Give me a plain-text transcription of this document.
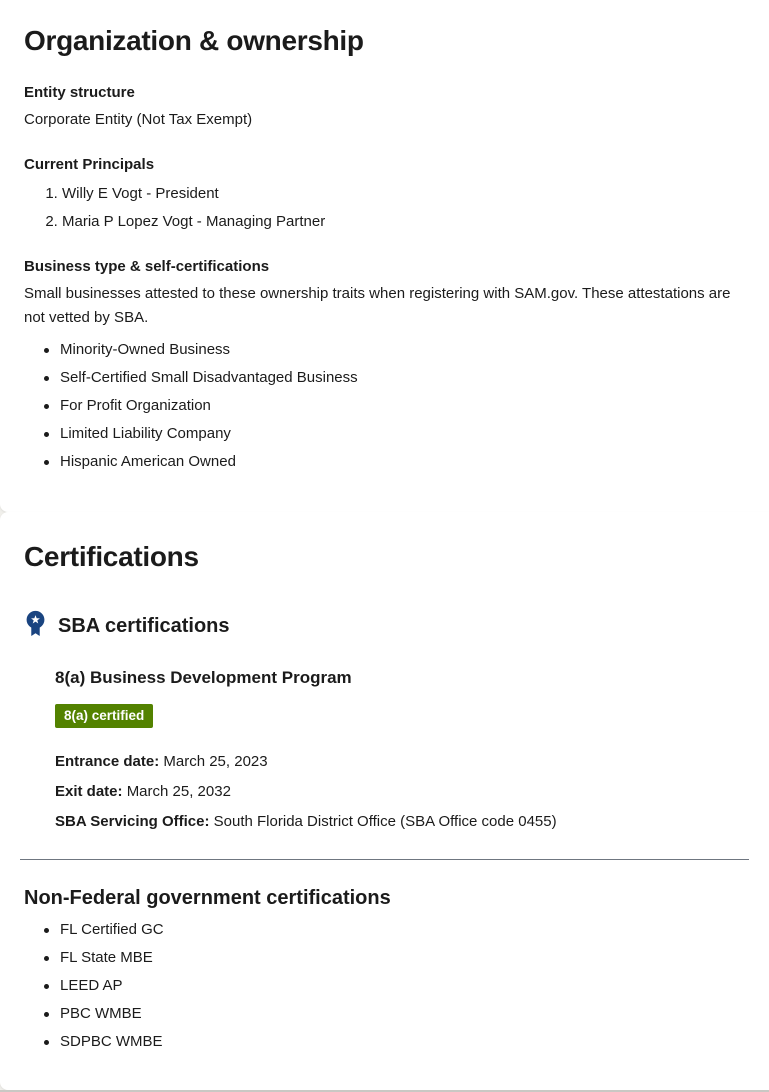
Organization & ownership
Entity structure
Corporate Entity (Not Tax Exempt)
Current Principals
1. Willy E Vogt - President
2. Maria P Lopez Vogt - Managing Partner
Business type & self-certifications

Small businesses attested to these ownership traits when registering with SAM.gov. These attestations are not vetted by SBA.

Minority-Owned Business
Self-Certified Small Disadvantaged Business
For Profit Organization
Limited Liability Company
Hispanic American Owned
Certifications
SBA certifications
8(a) Business Development Program
8(a) certified
Entrance date: March 25, 2023
Exit date: March 25, 2032
SBA Servicing Office: South Florida District Office (SBA Office code 0455)
Non-Federal government certifications
FL Certified GC
FL State MBE
LEED AP
PBC WMBE
SDPBC WMBE
